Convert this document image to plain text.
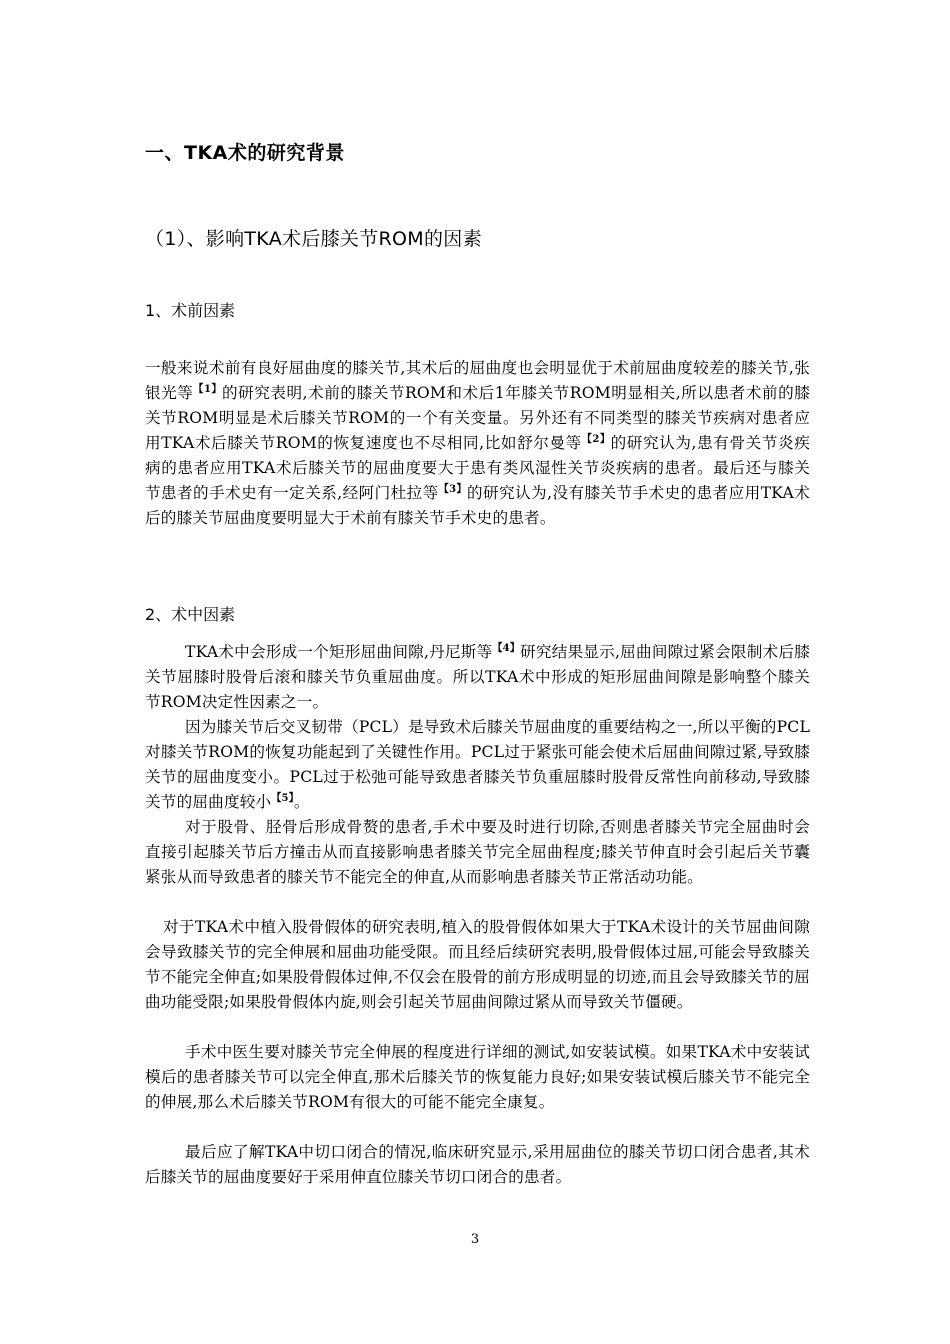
一、TKA术的研究背景
（1）、影响TKA术后膝关节ROM的因素
1、术前因素
一般来说术前有良好屈曲度的膝关节,其术后的屈曲度也会明显优于术前屈曲度较差的膝关节,张银光等$^{【1】}$的研究表明,术前的膝关节ROM和术后1年膝关节ROM明显相关,所以患者术前的膝关节ROM明显是术后膝关节ROM的一个有关变量。另外还有不同类型的膝关节疾病对患者应用TKA术后膝关节ROM的恢复速度也不尽相同,比如舒尔曼等$^{【2】}$的研究认为,患有骨关节炎疾病的患者应用TKA术后膝关节的屈曲度要大于患有类风湿性关节炎疾病的患者。最后还与膝关节患者的手术史有一定关系,经阿门杜拉等$^{【3】}$的研究认为,没有膝关节手术史的患者应用TKA术后的膝关节屈曲度要明显大于术前有膝关节手术史的患者。
2、术中因素
TKA术中会形成一个矩形屈曲间隙,丹尼斯等$^{【4】}$研究结果显示,屈曲间隙过紧会限制术后膝关节屈膝时股骨后滚和膝关节负重屈曲度。所以TKA术中形成的矩形屈曲间隙是影响整个膝关节ROM决定性因素之一。
因为膝关节后交叉韧带（PCL）是导致术后膝关节屈曲度的重要结构之一,所以平衡的PCL对膝关节ROM的恢复功能起到了关键性作用。PCL过于紧张可能会使术后屈曲间隙过紧,导致膝关节的屈曲度变小。PCL过于松弛可能导致患者膝关节负重屈膝时股骨反常性向前移动,导致膝关节的屈曲度较小$^{【5】}$。
对于股骨、胫骨后形成骨赘的患者,手术中要及时进行切除,否则患者膝关节完全屈曲时会直接引起膝关节后方撞击从而直接影响患者膝关节完全屈曲程度;膝关节伸直时会引起后关节囊紧张从而导致患者的膝关节不能完全的伸直,从而影响患者膝关节正常活动功能。
对于TKA术中植入股骨假体的研究表明,植入的股骨假体如果大于TKA术设计的关节屈曲间隙会导致膝关节的完全伸展和屈曲功能受限。而且经后续研究表明,股骨假体过屈,可能会导致膝关节不能完全伸直;如果股骨假体过伸,不仅会在股骨的前方形成明显的切迹,而且会导致膝关节的屈曲功能受限;如果股骨假体内旋,则会引起关节屈曲间隙过紧从而导致关节僵硬。
手术中医生要对膝关节完全伸展的程度进行详细的测试,如安装试模。如果TKA术中安装试模后的患者膝关节可以完全伸直,那术后膝关节的恢复能力良好;如果安装试模后膝关节不能完全的伸展,那么术后膝关节ROM有很大的可能不能完全康复。
最后应了解TKA中切口闭合的情况,临床研究显示,采用屈曲位的膝关节切口闭合患者,其术后膝关节的屈曲度要好于采用伸直位膝关节切口闭合的患者。
3
